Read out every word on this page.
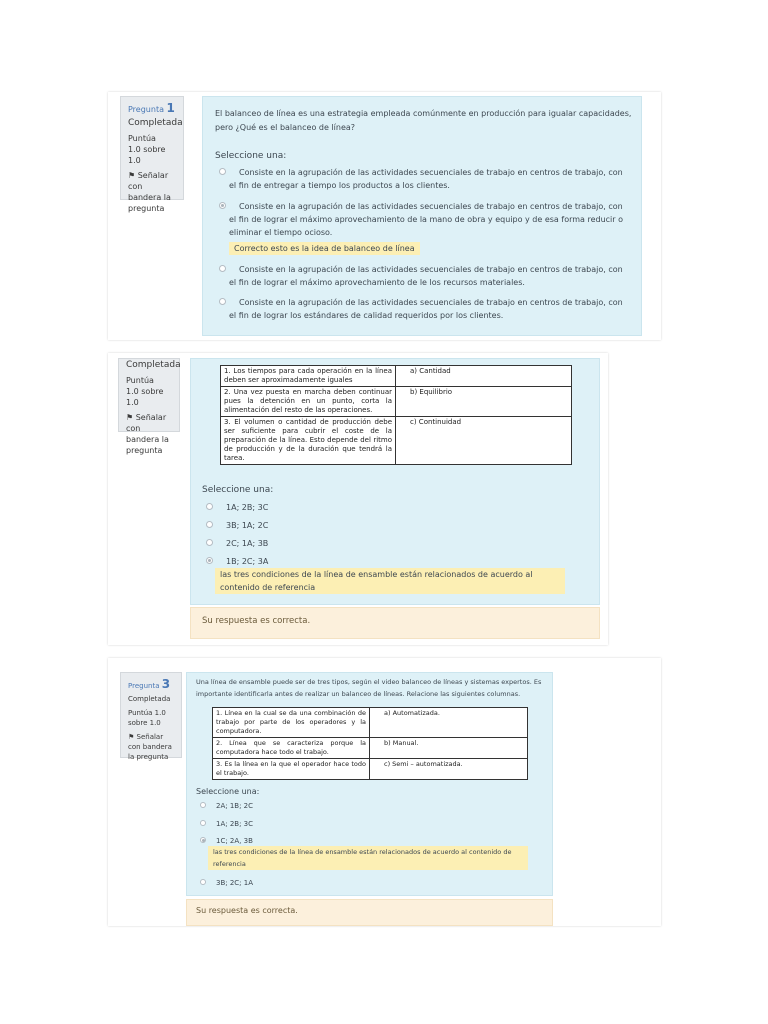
Pregunta 1
Completada
Puntúa 1.0 sobre 1.0
⚑ Señalar con bandera la pregunta
El balanceo de línea es una estrategia empleada comúnmente en producción para igualar capacidades, pero ¿Qué es el balanceo de línea?
Seleccione una:
Consiste en la agrupación de las actividades secuenciales de trabajo en centros de trabajo, con el fin de entregar a tiempo los productos a los clientes.
Consiste en la agrupación de las actividades secuenciales de trabajo en centros de trabajo, con el fin de lograr el máximo aprovechamiento de la mano de obra y equipo y de esa forma reducir o eliminar el tiempo ocioso.
Correcto esto es la idea de balanceo de línea
Consiste en la agrupación de las actividades secuenciales de trabajo en centros de trabajo, con el fin de lograr el máximo aprovechamiento de le los recursos materiales.
Consiste en la agrupación de las actividades secuenciales de trabajo en centros de trabajo, con el fin de lograr los estándares de calidad requeridos por los clientes.
Completada
Puntúa 1.0 sobre 1.0
⚑ Señalar con bandera la pregunta
1. Los tiempos para cada operación en la línea deben ser aproximadamente iguales	a) Cantidad
2. Una vez puesta en marcha deben continuar pues la detención en un punto, corta la alimentación del resto de las operaciones.	b) Equilibrio
3. El volumen o cantidad de producción debe ser suficiente para cubrir el coste de la preparación de la línea. Esto depende del ritmo de producción y de la duración que tendrá la tarea.	c) Continuidad
Seleccione una:
1A; 2B; 3C
3B; 1A; 2C
2C; 1A; 3B
1B; 2C; 3A
las tres condiciones de la línea de ensamble están relacionados de acuerdo al contenido de referencia
Su respuesta es correcta.
Pregunta 3
Completada
Puntúa 1.0 sobre 1.0
⚑ Señalar con bandera la pregunta
Una línea de ensamble puede ser de tres tipos, según el video balanceo de líneas y sistemas expertos. Es importante identificarla antes de realizar un balanceo de líneas. Relacione las siguientes columnas.
1. Línea en la cual se da una combinación de trabajo por parte de los operadores y la computadora.	a) Automatizada.
2. Línea que se caracteriza porque la computadora hace todo el trabajo.	b) Manual.
3. Es la línea en la que el operador hace todo el trabajo.	c) Semi – automatizada.
Seleccione una:
2A; 1B; 2C
1A; 2B; 3C
1C; 2A, 3B
las tres condiciones de la línea de ensamble están relacionados de acuerdo al contenido de referencia
3B; 2C; 1A
Su respuesta es correcta.
